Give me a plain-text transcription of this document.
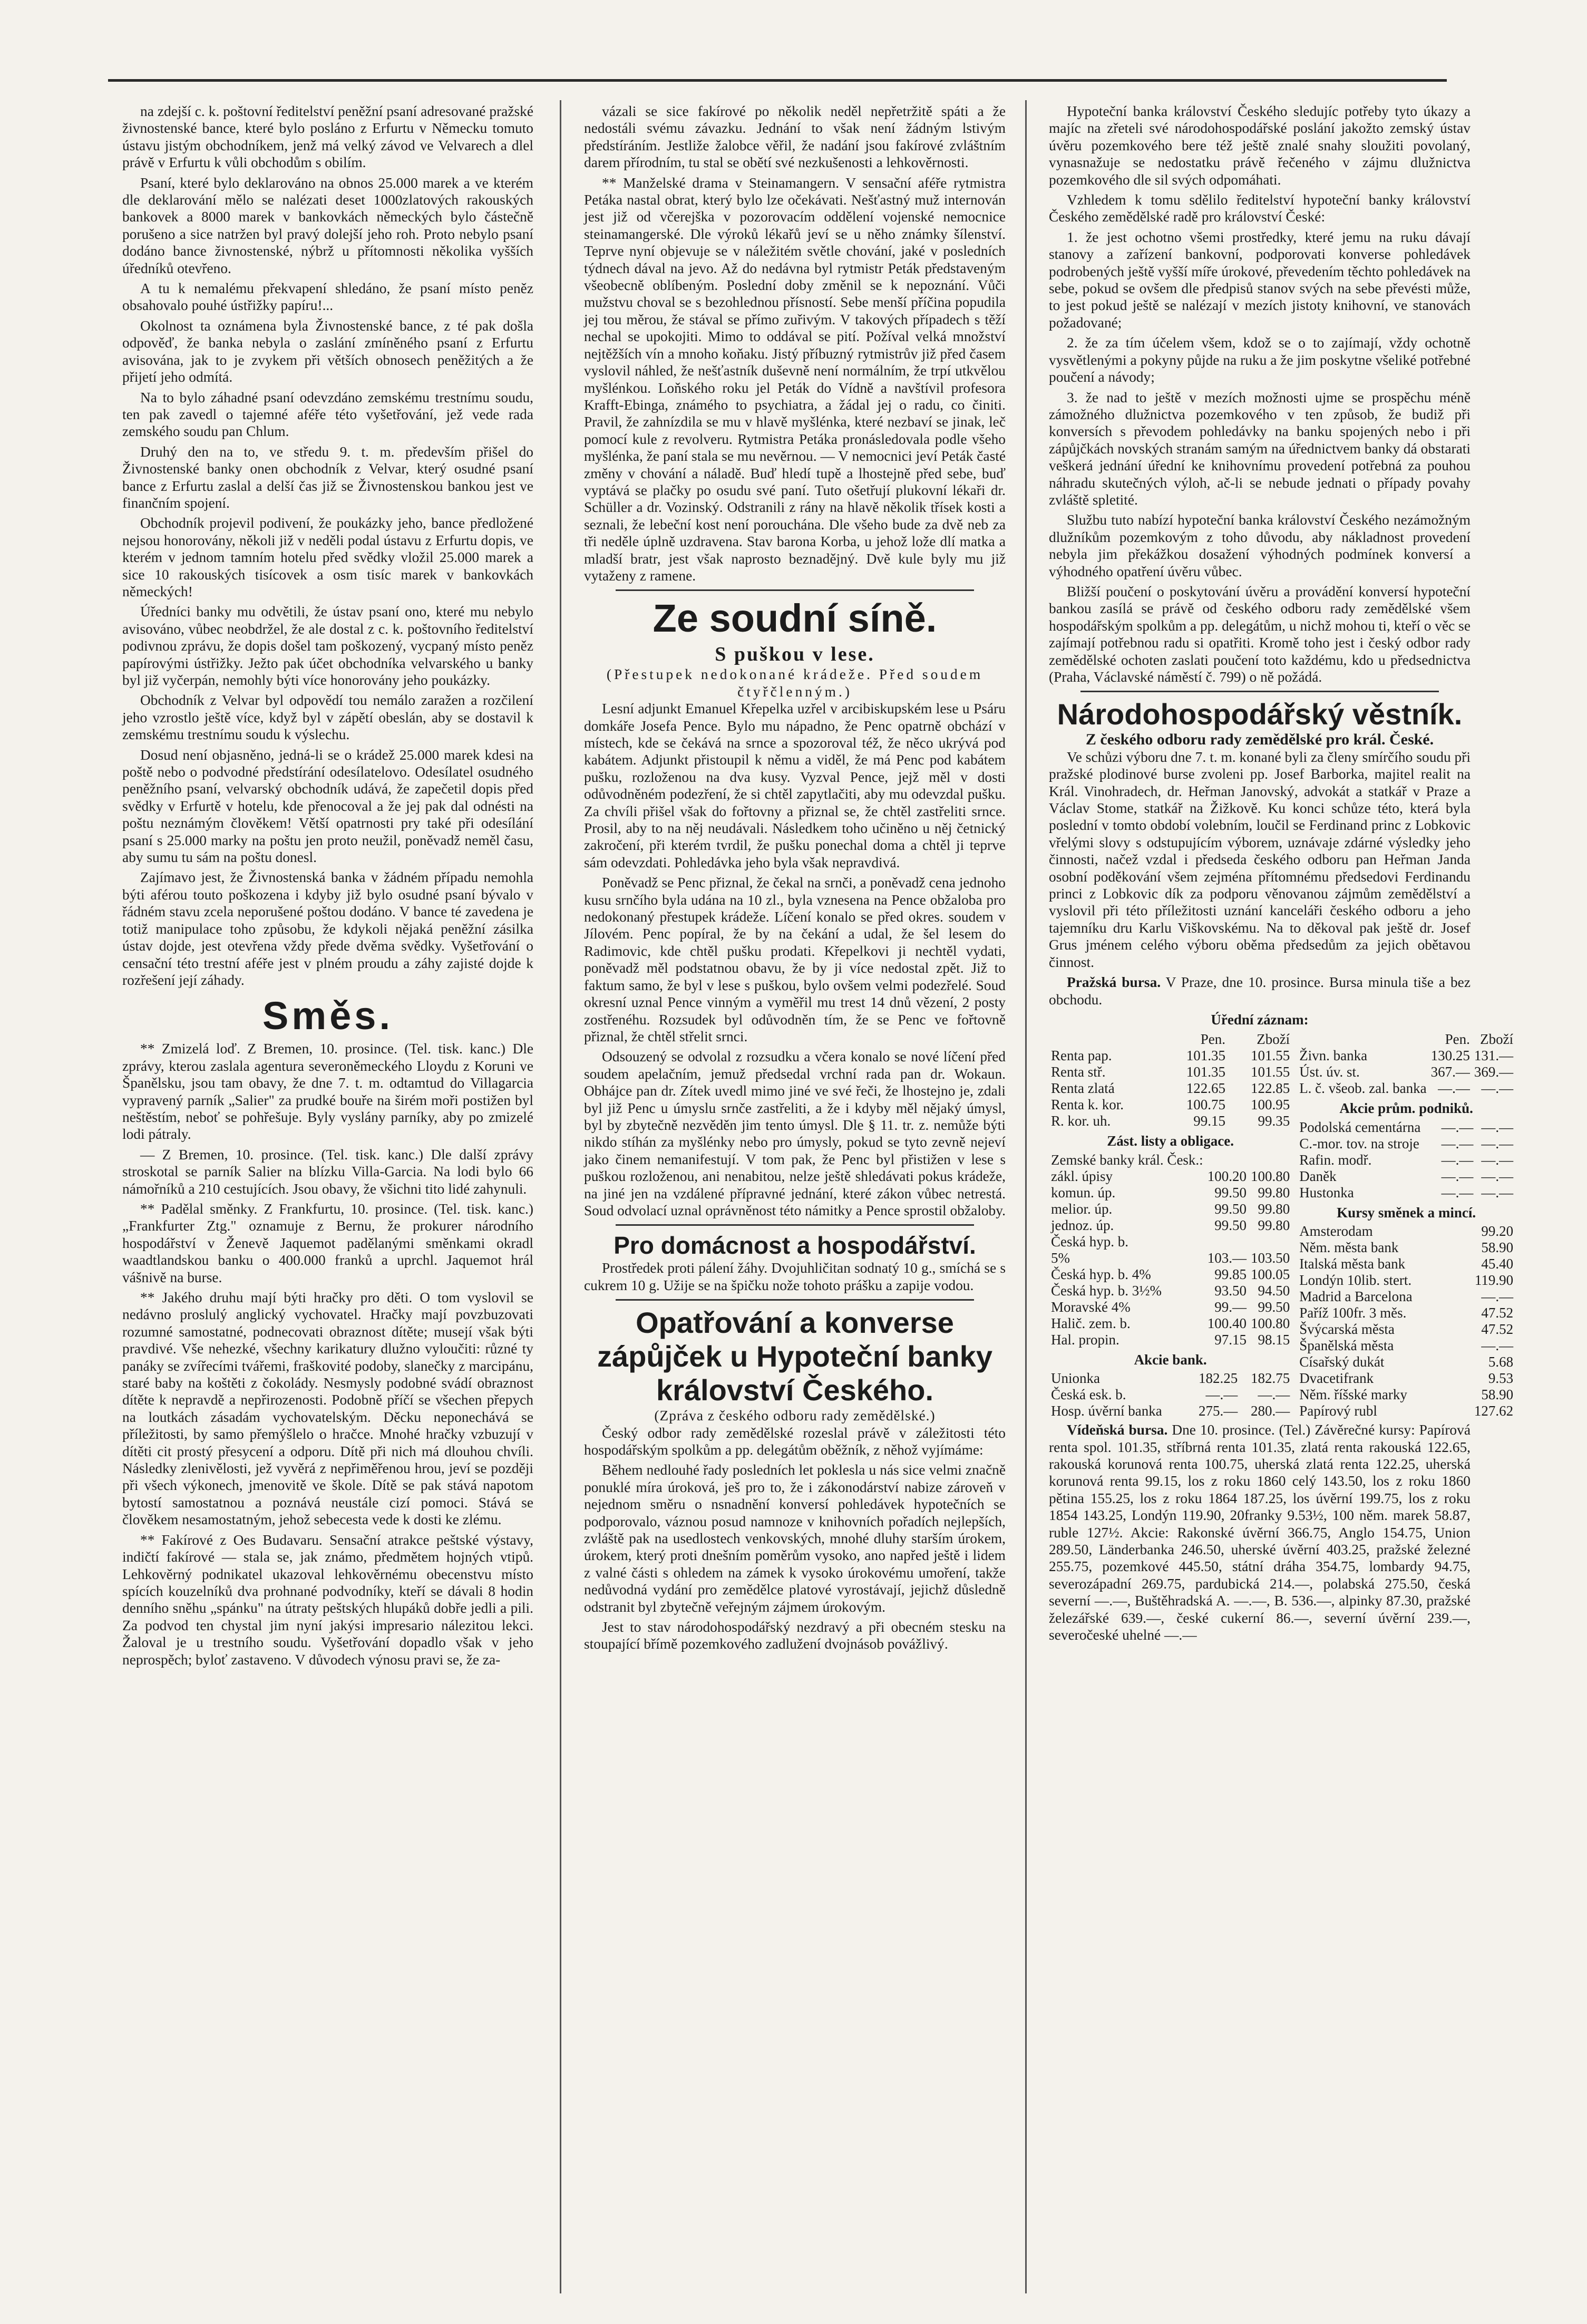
na zdejší c. k. poštovní ředitelství peněžní psaní adresované pražské živnostenské bance, které bylo posláno z Erfurtu v Německu tomuto ústavu jistým obchodníkem, jenž má velký závod ve Velvarech a dlel právě v Erfurtu k vůli obchodům s obilím.

Psaní, které bylo deklarováno na obnos 25.000 marek a ve kterém dle deklarování mělo se nalézati deset 1000zlatových rakouských bankovek a 8000 marek v bankovkách německých bylo částečně porušeno a sice natržen byl pravý dolejší jeho roh. Proto nebylo psaní dodáno bance živnostenské, nýbrž u přítomnosti několika vyšších úředníků otevřeno.

A tu k nemalému překvapení shledáno, že psaní místo peněz obsahovalo pouhé ústřižky papíru!...

Okolnost ta oznámena byla Živnostenské bance, z té pak došla odpověď, že banka nebyla o zaslání zmíněného psaní z Erfurtu avisována, jak to je zvykem při větších obnosech peněžitých a že přijetí jeho odmítá.

Na to bylo záhadné psaní odevzdáno zemskému trestnímu soudu, ten pak zavedl o tajemné aféře této vyšetřování, jež vede rada zemského soudu pan Chlum.

Druhý den na to, ve středu 9. t. m. především přišel do Živnostenské banky onen obchodník z Velvar, který osudné psaní bance z Erfurtu zaslal a delší čas již se Živnostenskou bankou jest ve finančním spojení.

Obchodník projevil podivení, že poukázky jeho, bance předložené nejsou honorovány, několi již v neděli podal ústavu z Erfurtu dopis, ve kterém v jednom tamním hotelu před svědky vložil 25.000 marek a sice 10 rakouských tisícovek a osm tisíc marek v bankovkách německých!

Úředníci banky mu odvětili, že ústav psaní ono, které mu nebylo avisováno, vůbec neobdržel, že ale dostal z c. k. poštovního ředitelství podivnou zprávu, že dopis došel tam poškozený, vycpaný místo peněz papírovými ústřižky. Ježto pak účet obchodníka velvarského u banky byl již vyčerpán, nemohly býti více honorovány jeho poukázky.

Obchodník z Velvar byl odpovědí tou nemálo zaražen a rozčilení jeho vzrostlo ještě více, když byl v zápětí obeslán, aby se dostavil k zemskému trestnímu soudu k výslechu.

Dosud není objasněno, jedná-li se o krádež 25.000 marek kdesi na poště nebo o podvodné předstírání odesílatelovo. Odesílatel osudného peněžního psaní, velvarský obchodník udává, že zapečetil dopis před svědky v Erfurtě v hotelu, kde přenocoval a že jej pak dal odnésti na poštu neznámým člověkem! Větší opatrnosti pry také při odesílání psaní s 25.000 marky na poštu jen proto neužil, poněvadž neměl času, aby sumu tu sám na poštu donesl.

Zajímavo jest, že Živnostenská banka v žádném případu nemohla býti aférou touto poškozena i kdyby již bylo osudné psaní bývalo v řádném stavu zcela neporušené poštou dodáno. V bance té zavedena je totiž manipulace toho způsobu, že kdykoli nějaká peněžní zásilka ústav dojde, jest otevřena vždy přede dvěma svědky. Vyšetřování o censační této trestní aféře jest v plném proudu a záhy zajisté dojde k rozřešení její záhady.

Směs.

** Zmizelá loď. Z Bremen, 10. prosince. (Tel. tisk. kanc.) Dle zprávy, kterou zaslala agentura severoněmeckého Lloydu z Koruni ve Španělsku, jsou tam obavy, že dne 7. t. m. odtamtud do Villagarcia vypravený parník „Salier" za prudké bouře na širém moři postižen byl neštěstím, neboť se pohřešuje. Byly vyslány parníky, aby po zmizelé lodi pátraly.

— Z Bremen, 10. prosince. (Tel. tisk. kanc.) Dle další zprávy stroskotal se parník Salier na blízku Villa-Garcia. Na lodi bylo 66 námořníků a 210 cestujících. Jsou obavy, že všichni tito lidé zahynuli.

** Padělal směnky. Z Frankfurtu, 10. prosince. (Tel. tisk. kanc.) „Frankfurter Ztg." oznamuje z Bernu, že prokurer národního hospodářství v Ženevě Jaquemot padělanými směnkami okradl waadtlandskou banku o 400.000 franků a uprchl. Jaquemot hrál vášnivě na burse.

** Jakého druhu mají býti hračky pro děti. O tom vyslovil se nedávno proslulý anglický vychovatel. Hračky mají povzbuzovati rozumné samostatné, podnecovati obraznost dítěte; musejí však býti pravdivé. Vše nehezké, všechny karikatury dlužno vyloučiti: různé ty panáky se zvířecími tvářemi, fraškovité podoby, slanečky z marcipánu, staré baby na koštěti z čokolády. Nesmysly podobné svádí obraznost dítěte k nepravdě a nepřirozenosti. Podobně příčí se všechen přepych na loutkách zásadám vychovatelským. Děcku neponechává se příležitosti, by samo přemýšlelo o hračce. Mnohé hračky vzbuzují v dítěti cit prostý přesycení a odporu. Dítě při nich má dlouhou chvíli. Následky zlenivělosti, jež vyvěrá z nepřiměřenou hrou, jeví se později při všech výkonech, jmenovitě ve škole. Dítě se pak stává napotom bytostí samostatnou a poznává neustále cizí pomoci. Stává se člověkem nesamostatným, jehož sebecesta vede k dosti ke zlému.

** Fakírové z Oes Budavaru. Sensační atrakce peštské výstavy, indičtí fakírové — stala se, jak známo, předmětem hojných vtipů. Lehkověrný podnikatel ukazoval lehkověrnému obecenstvu místo spících kouzelníků dva prohnané podvodníky, kteří se dávali 8 hodin denního sněhu „spánku" na útraty peštských hlupáků dobře jedli a pili. Za podvod ten chystal jim nyní jakýsi impresario nálezitou lekci. Žaloval je u trestního soudu. Vyšetřování dopadlo však v jeho neprospěch; byloť zastaveno. V důvodech výnosu pravi se, že za-

vázali se sice fakírové po několik neděl nepřetržitě spáti a že nedostáli svému závazku. Jednání to však není žádným lstivým předstíráním. Jestliže žalobce věřil, že nadání jsou fakírové zvláštním darem přírodním, tu stal se obětí své nezkušenosti a lehkověrnosti.

** Manželské drama v Steinamangern. V sensační aféře rytmistra Petáka nastal obrat, který bylo lze očekávati. Nešťastný muž internován jest již od včerejška v pozorovacím oddělení vojenské nemocnice steinamangerské. Dle výroků lékařů jeví se u něho známky šílenství. Teprve nyní objevuje se v náležitém světle chování, jaké v posledních týdnech dával na jevo. Až do nedávna byl rytmistr Peták představeným všeobecně oblíbeným. Poslední doby změnil se k nepoznání. Vůči mužstvu choval se s bezohlednou přísností. Sebe menší příčina popudila jej tou měrou, že stával se přímo zuřivým. V takových případech s těží nechal se upokojiti. Mimo to oddával se pití. Požíval velká množství nejtěžších vín a mnoho koňaku. Jistý příbuzný rytmistrův již před časem vyslovil náhled, že nešťastník duševně není normálním, že trpí utkvělou myšlénkou. Loňského roku jel Peták do Vídně a navštívil profesora Krafft-Ebinga, známého to psychiatra, a žádal jej o radu, co činiti. Pravil, že zahnízdila se mu v hlavě myšlénka, které nezbaví se jinak, leč pomocí kule z revolveru. Rytmistra Petáka pronásledovala podle všeho myšlénka, že paní stala se mu nevěrnou. — V nemocnici jeví Peták časté změny v chování a náladě. Buď hledí tupě a lhostejně před sebe, buď vyptává se plačky po osudu své paní. Tuto ošetřují plukovní lékaři dr. Schüller a dr. Vozinský. Odstranili z rány na hlavě několik třísek kosti a seznali, že lebeční kost není porouchána. Dle všeho bude za dvě neb za tři neděle úplně uzdravena. Stav barona Korba, u jehož lože dlí matka a mladší bratr, jest však naprosto beznadějný. Dvě kule byly mu již vytaženy z ramene.

Ze soudní síně.
S puškou v lese.
(Přestupek nedokonané krádeže. Před soudem čtyřčlenným.)

Lesní adjunkt Emanuel Křepelka uzřel v arcibiskupském lese u Psáru domkáře Josefa Pence. Bylo mu nápadno, že Penc opatrně obchází v místech, kde se čekává na srnce a spozoroval též, že něco ukrývá pod kabátem. Adjunkt přistoupil k němu a viděl, že má Penc pod kabátem pušku, rozloženou na dva kusy. Vyzval Pence, jejž měl v dosti odůvodněném podezření, že si chtěl zapytlačiti, aby mu odevzdal pušku. Za chvíli přišel však do fořtovny a přiznal se, že chtěl zastřeliti srnce. Prosil, aby to na něj neudávali. Následkem toho učiněno u něj četnický zakročení, při kterém tvrdil, že pušku ponechal doma a chtěl ji teprve sám odevzdati. Pohledávka jeho byla však nepravdivá.

Poněvadž se Penc přiznal, že čekal na srnči, a poněvadž cena jednoho kusu srnčího byla udána na 10 zl., byla vznesena na Pence obžaloba pro nedokonaný přestupek krádeže. Líčení konalo se před okres. soudem v Jílovém. Penc popíral, že by na čekání a udal, že šel lesem do Radimovic, kde chtěl pušku prodati. Křepelkovi ji nechtěl vydati, poněvadž měl podstatnou obavu, že by ji více nedostal zpět. Již to faktum samo, že byl v lese s puškou, bylo ovšem velmi podezřelé. Soud okresní uznal Pence vinným a vyměřil mu trest 14 dnů vězení, 2 posty zostřenéhu. Rozsudek byl odůvodněn tím, že se Penc ve fořtovně přiznal, že chtěl střelit srnci.

Odsouzený se odvolal z rozsudku a včera konalo se nové líčení před soudem apelačním, jemuž předsedal vrchní rada pan dr. Wokaun. Obhájce pan dr. Zítek uvedl mimo jiné ve své řeči, že lhostejno je, zdali byl již Penc u úmyslu srnče zastřeliti, a že i kdyby měl nějaký úmysl, byl by zbytečně nezvěděn jim tento úmysl. Dle § 11. tr. z. nemůže býti nikdo stíhán za myšlénky nebo pro úmysly, pokud se tyto zevně nejeví jako činem nemanifestují. V tom pak, že Penc byl přistižen v lese s puškou rozloženou, ani nenabitou, nelze ještě shledávati pokus krádeže, na jiné jen na vzdálené přípravné jednání, které zákon vůbec netrestá. Soud odvolací uznal oprávněnost této námitky a Pence sprostil obžaloby.

Pro domácnost a hospodářství.

Prostředek proti pálení žáhy. Dvojuhličitan sodnatý 10 g., smíchá se s cukrem 10 g. Užije se na špičku nože tohoto prášku a zapije vodou.

Opatřování a konverse zápůjček u Hypoteční banky království Českého.
(Zpráva z českého odboru rady zemědělské.)

Český odbor rady zemědělské rozeslal právě v záležitosti této hospodářským spolkům a pp. delegátům oběžník, z něhož vyjímáme:

Během nedlouhé řady posledních let poklesla u nás sice velmi značně ponuklé míra úroková, ješ pro to, že i zákonodárství nabize zároveň v nejednom směru o nsnadnění konversí pohledávek hypotečních se podporovalo, váznou posud namnoze v knihovních pořadích nejlepších, zvláště pak na usedlostech venkovských, mnohé dluhy starším úrokem, úrokem, který proti dnešním poměrům vysoko, ano napřed ještě i lidem z valné části s ohledem na zámek k vysoko úrokovému umoření, takže nedůvodná vydání pro zemědělce platové vyrostávají, jejichž důsledně odstranit byl zbytečně veřejným zájmem úrokovým.

Jest to stav národohospodářský nezdravý a při obecném stesku na stoupající břímě pozemkového zadlužení dvojnásob povážlivý.

Hypoteční banka království Českého sledujíc potřeby tyto úkazy a majíc na zřeteli své národohospodářské poslání jakožto zemský ústav úvěru pozemkového bere též ještě znalé snahy sloužiti povolaný, vynasnažuje se nedostatku právě řečeného v zájmu dlužnictva pozemkového dle sil svých odpomáhati.

Vzhledem k tomu sdělilo ředitelství hypoteční banky království Českého zemědělské radě pro království České:

1. že jest ochotno všemi prostředky, které jemu na ruku dávají stanovy a zařízení bankovní, podporovati konverse pohledávek podrobených ještě vyšší míře úrokové, převedením těchto pohledávek na sebe, pokud se ovšem dle předpisů stanov svých na sebe převésti může, to jest pokud ještě se nalézají v mezích jistoty knihovní, ve stanovách požadované;

2. že za tím účelem všem, kdož se o to zajímají, vždy ochotně vysvětlenými a pokyny půjde na ruku a že jim poskytne všeliké potřebné poučení a návody;

3. že nad to ještě v mezích možnosti ujme se prospěchu méně zámožného dlužnictva pozemkového v ten způsob, že budiž při konversích s převodem pohledávky na banku spojených nebo i při zápůjčkách novských stranám samým na úřednictvem banky dá obstarati veškerá jednání úřední ke knihovnímu provedení potřebná za pouhou náhradu skutečných výloh, ač-li se nebude jednati o případy povahy zvláště spletité.

Službu tuto nabízí hypoteční banka království Českého nezámožným dlužníkům pozemkovým z toho důvodu, aby nákladnost provedení nebyla jim překážkou dosažení výhodných podmínek konversí a výhodného opatření úvěru vůbec.

Bližší poučení o poskytování úvěru a provádění konversí hypoteční bankou zasílá se právě od českého odboru rady zemědělské všem hospodářským spolkům a pp. delegátům, u nichž mohou ti, kteří o věc se zajímají potřebnou radu si opatřiti. Kromě toho jest i český odbor rady zemědělské ochoten zaslati poučení toto každému, kdo u předsednictva (Praha, Václavské náměstí č. 799) o ně požádá.

Národohospodářský věstník.
Z českého odboru rady zemědělské pro král. České.

Ve schůzi výboru dne 7. t. m. konané byli za členy smírčího soudu při pražské plodinové burse zvoleni pp. Josef Barborka, majitel realit na Král. Vinohradech, dr. Heřman Janovský, advokát a statkář v Praze a Václav Stome, statkář na Žižkově. Ku konci schůze této, která byla poslední v tomto období volebním, loučil se Ferdinand princ z Lobkovic vřelými slovy s odstupujícím výborem, uznávaje zdárné výsledky jeho činnosti, načež vzdal i předseda českého odboru pan Heřman Janda osobní poděkování všem zejména přítomnému předsedovi Ferdinandu princi z Lobkovic dík za podporu věnovanou zájmům zemědělství a vyslovil při této příležitosti uznání kanceláři českého odboru a jeho tajemníku dru Karlu Viškovskému. Na to děkoval pak ještě dr. Josef Grus jménem celého výboru oběma předsedům za jejich obětavou činnost.

Pražská bursa. V Praze, dne 10. prosince. Bursa minula tiše a bez obchodu.

Úřední záznam:
	Pen.	Zboží
Renta pap.	101.35	101.55
Renta stř.	101.35	101.55
Renta zlatá	122.65	122.85
Renta k. kor.	100.75	100.95
R. kor. uh.	99.15	99.35
Zást. listy a obligace.
Zemské banky král. Česk.:		
zákl. úpisy	100.20	100.80
komun. úp.	99.50	99.80
melior. úp.	99.50	99.80
jednoz. úp.	99.50	99.80
Česká hyp. b.		
5%	103.—	103.50
Česká hyp. b. 4%	99.85	100.05
Česká hyp. b. 3½%	93.50	94.50
Moravské 4%	99.—	99.50
Halič. zem. b.	100.40	100.80
Hal. propin.	97.15	98.15
Akcie bank.
Unionka	182.25	182.75
Česká esk. b.	—.—	—.—
Hosp. úvěrní banka	275.—	280.—
	Pen.	Zboží
Živn. banka	130.25	131.—
Úst. úv. st.	367.—	369.—
L. č. všeob. zal. banka	—.—	—.—
Akcie prům. podniků.
Podolská cementárna	—.—	—.—
C.-mor. tov. na stroje	—.—	—.—
Rafin. modř.	—.—	—.—
Daněk	—.—	—.—
Hustonka	—.—	—.—
Kursy směnek a mincí.
Amsterodam	99.20
Něm. města bank	58.90
Italská města bank	45.40
Londýn 10lib. stert.	119.90
Madrid a Barcelona	—.—
Paříž 100fr. 3 měs.	47.52
Švýcarská města	47.52
Španělská města	—.—
Císařský dukát	5.68
Dvacetifrank	9.53
Něm. říšské marky	58.90
Papírový rubl	127.62

Vídeňská bursa. Dne 10. prosince. (Tel.) Závěrečné kursy: Papírová renta spol. 101.35, stříbrná renta 101.35, zlatá renta rakouská 122.65, rakouská korunová renta 100.75, uherská zlatá renta 122.25, uherská korunová renta 99.15, los z roku 1860 celý 143.50, los z roku 1860 pětina 155.25, los z roku 1864 187.25, los úvěrní 199.75, los z roku 1854 143.25, Londýn 119.90, 20franky 9.53½, 100 něm. marek 58.87, ruble 127½. Akcie: Rakonské úvěrní 366.75, Anglo 154.75, Union 289.50, Länderbanka 246.50, uherské úvěrní 403.25, pražské železné 255.75, pozemkové 445.50, státní dráha 354.75, lombardy 94.75, severozápadní 269.75, pardubická 214.—, polabská 275.50, česká severní —.—, Buštěhradská A. —.—, B. 536.—, alpinky 87.30, pražské železářské 639.—, české cukerní 86.—, severní úvěrní 239.—, severočeské uhelné —.—
